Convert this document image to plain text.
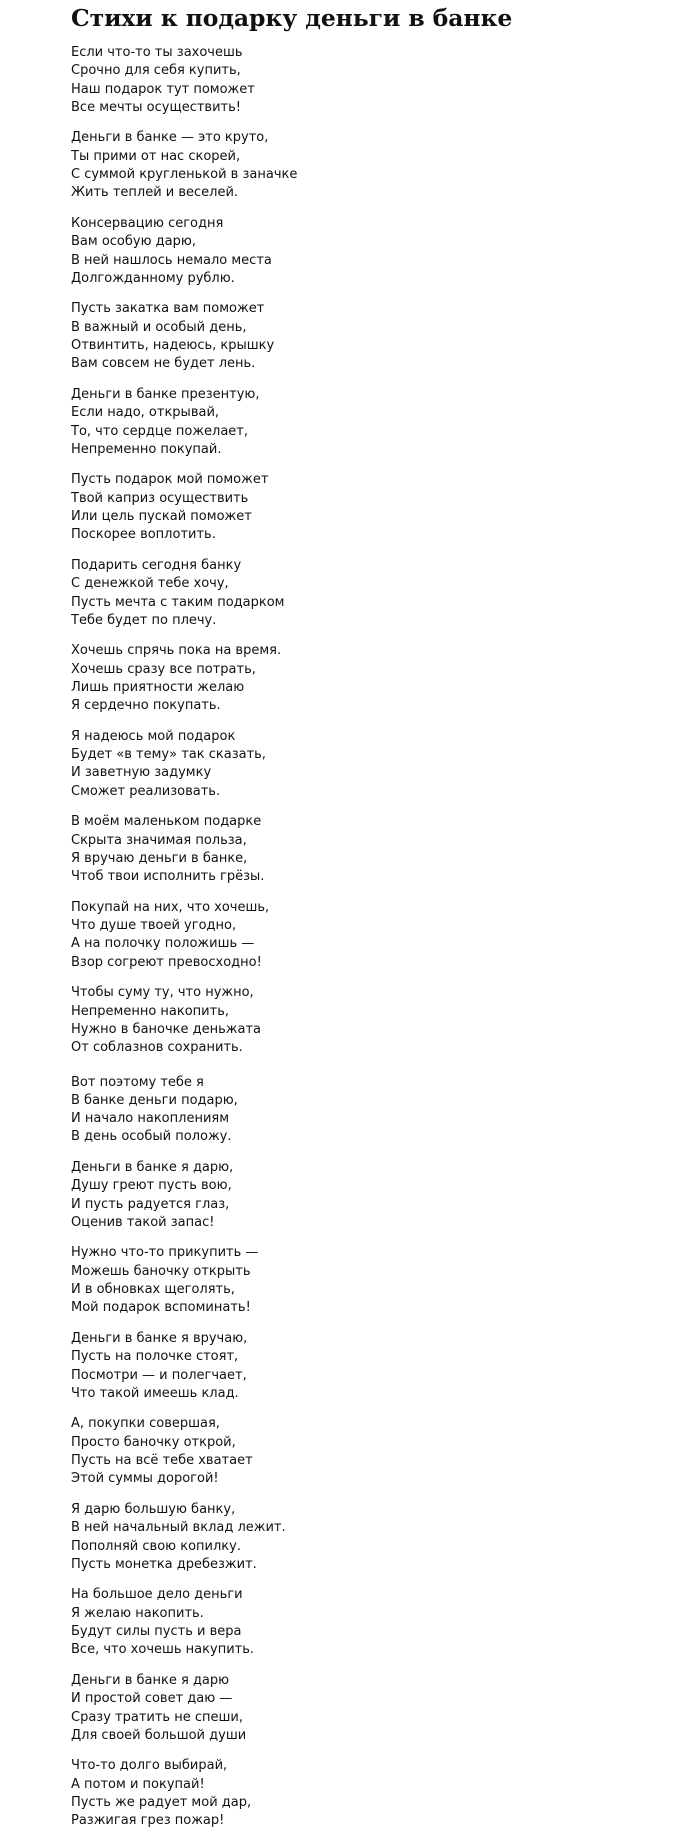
Стихи к подарку деньги в банке

Если что-то ты захочешь
Срочно для себя купить,
Наш подарок тут поможет
Все мечты осуществить!

Деньги в банке — это круто,
Ты прими от нас скорей,
С суммой кругленькой в заначке
Жить теплей и веселей.

Консервацию сегодня
Вам особую дарю,
В ней нашлось немало места
Долгожданному рублю.

Пусть закатка вам поможет
В важный и особый день,
Отвинтить, надеюсь, крышку
Вам совсем не будет лень.

Деньги в банке презентую,
Если надо, открывай,
То, что сердце пожелает,
Непременно покупай.

Пусть подарок мой поможет
Твой каприз осуществить
Или цель пускай поможет
Поскорее воплотить.

Подарить сегодня банку
С денежкой тебе хочу,
Пусть мечта с таким подарком
Тебе будет по плечу.

Хочешь спрячь пока на время.
Хочешь сразу все потрать,
Лишь приятности желаю
Я сердечно покупать.

Я надеюсь мой подарок
Будет «в тему» так сказать,
И заветную задумку
Сможет реализовать.

В моём маленьком подарке
Скрыта значимая польза,
Я вручаю деньги в банке,
Чтоб твои исполнить грёзы.

Покупай на них, что хочешь,
Что душе твоей угодно,
А на полочку положишь —
Взор согреют превосходно!

Чтобы суму ту, что нужно,
Непременно накопить,
Нужно в баночке деньжата
От соблазнов сохранить.

Вот поэтому тебе я
В банке деньги подарю,
И начало накоплениям
В день особый положу.

Деньги в банке я дарю,
Душу греют пусть вою,
И пусть радуется глаз,
Оценив такой запас!

Нужно что-то прикупить —
Можешь баночку открыть
И в обновках щеголять,
Мой подарок вспоминать!

Деньги в банке я вручаю,
Пусть на полочке стоят,
Посмотри — и полегчает,
Что такой имеешь клад.

А, покупки совершая,
Просто баночку открой,
Пусть на всё тебе хватает
Этой суммы дорогой!

Я дарю большую банку,
В ней начальный вклад лежит.
Пополняй свою копилку.
Пусть монетка дребезжит.

На большое дело деньги
Я желаю накопить.
Будут силы пусть и вера
Все, что хочешь накупить.

Деньги в банке я дарю
И простой совет даю —
Сразу тратить не спеши,
Для своей большой души

Что-то долго выбирай,
А потом и покупай!
Пусть же радует мой дар,
Разжигая грез пожар!
